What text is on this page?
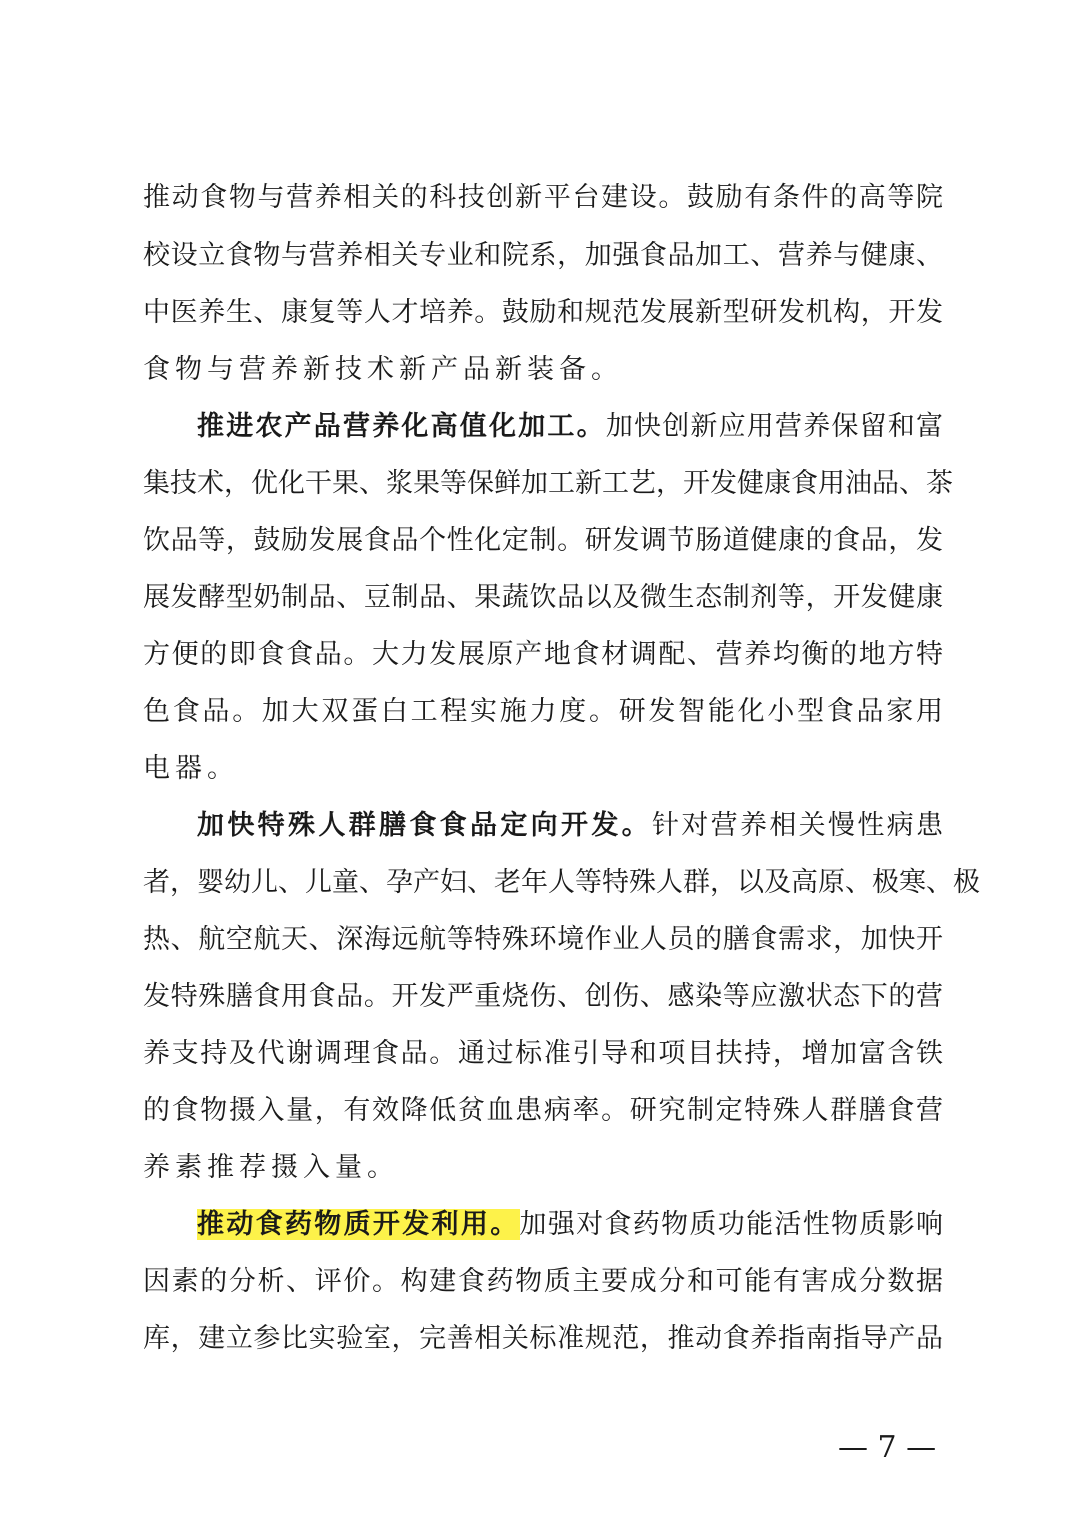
推动食物与营养相关的科技创新平台建设。鼓励有条件的高等院
校设立食物与营养相关专业和院系，加强食品加工、营养与健康、
中医养生、康复等人才培养。鼓励和规范发展新型研发机构，开发
食物与营养新技术新产品新装备。
推进农产品营养化高值化加工。加快创新应用营养保留和富
集技术，优化干果、浆果等保鲜加工新工艺，开发健康食用油品、茶
饮品等，鼓励发展食品个性化定制。研发调节肠道健康的食品，发
展发酵型奶制品、豆制品、果蔬饮品以及微生态制剂等，开发健康
方便的即食食品。大力发展原产地食材调配、营养均衡的地方特
色食品。加大双蛋白工程实施力度。研发智能化小型食品家用
电器。
加快特殊人群膳食食品定向开发。针对营养相关慢性病患
者，婴幼儿、儿童、孕产妇、老年人等特殊人群，以及高原、极寒、极
热、航空航天、深海远航等特殊环境作业人员的膳食需求，加快开
发特殊膳食用食品。开发严重烧伤、创伤、感染等应激状态下的营
养支持及代谢调理食品。通过标准引导和项目扶持，增加富含铁
的食物摄入量，有效降低贫血患病率。研究制定特殊人群膳食营
养素推荐摄入量。
推动食药物质开发利用。加强对食药物质功能活性物质影响
因素的分析、评价。构建食药物质主要成分和可能有害成分数据
库，建立参比实验室，完善相关标准规范，推动食养指南指导产品
— 7 —
